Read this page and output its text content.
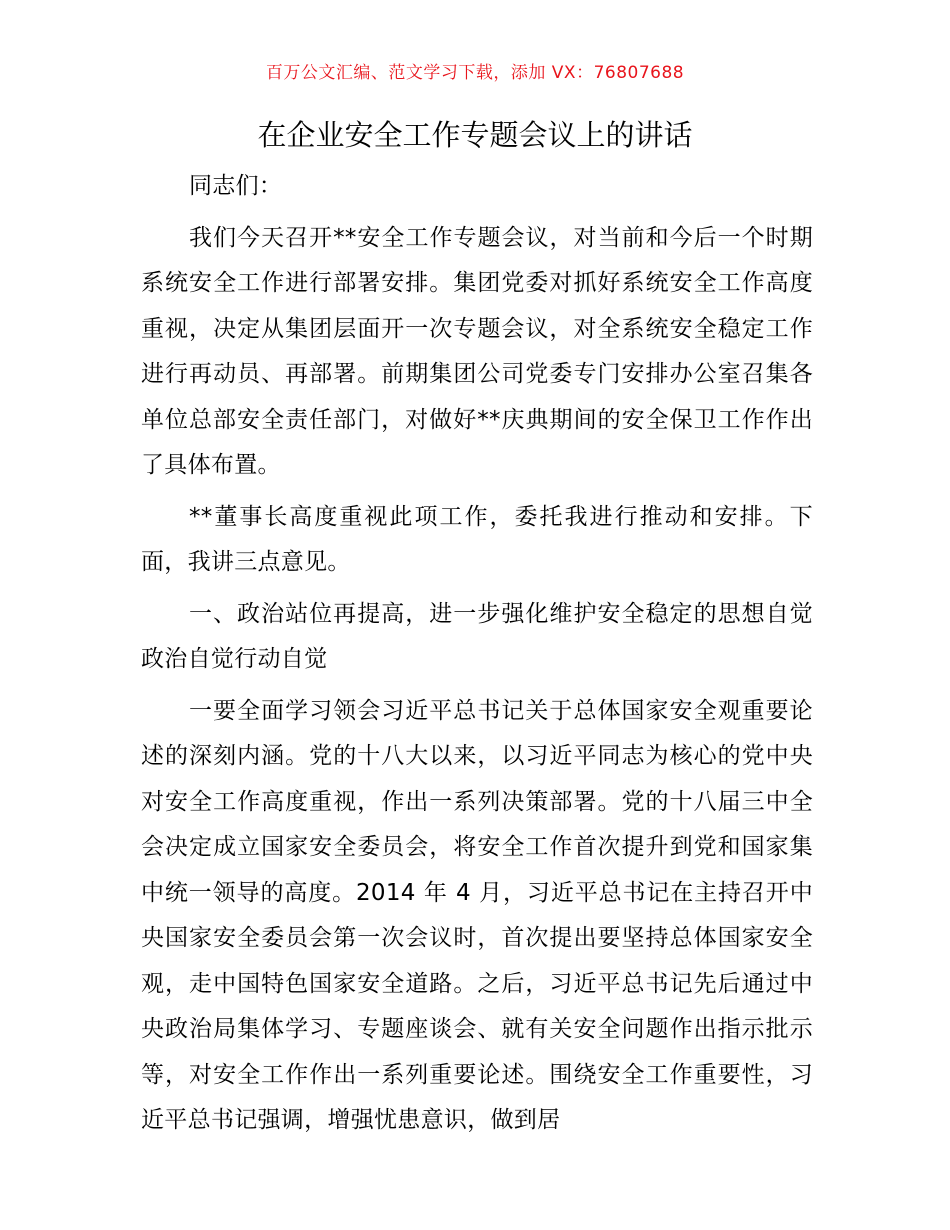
百万公文汇编、范文学习下载，添加 VX：76807688
在企业安全工作专题会议上的讲话

同志们：

我们今天召开**安全工作专题会议，对当前和今后一个时期系统安全工作进行部署安排。集团党委对抓好系统安全工作高度重视，决定从集团层面开一次专题会议，对全系统安全稳定工作进行再动员、再部署。前期集团公司党委专门安排办公室召集各单位总部安全责任部门，对做好**庆典期间的安全保卫工作作出了具体布置。

**董事长高度重视此项工作，委托我进行推动和安排。下面，我讲三点意见。

一、政治站位再提高，进一步强化维护安全稳定的思想自觉政治自觉行动自觉

一要全面学习领会习近平总书记关于总体国家安全观重要论述的深刻内涵。党的十八大以来，以习近平同志为核心的党中央对安全工作高度重视，作出一系列决策部署。党的十八届三中全会决定成立国家安全委员会，将安全工作首次提升到党和国家集中统一领导的高度。2014 年 4 月，习近平总书记在主持召开中央国家安全委员会第一次会议时，首次提出要坚持总体国家安全观，走中国特色国家安全道路。之后，习近平总书记先后通过中央政治局集体学习、专题座谈会、就有关安全问题作出指示批示等，对安全工作作出一系列重要论述。围绕安全工作重要性，习近平总书记强调，增强忧患意识，做到居
